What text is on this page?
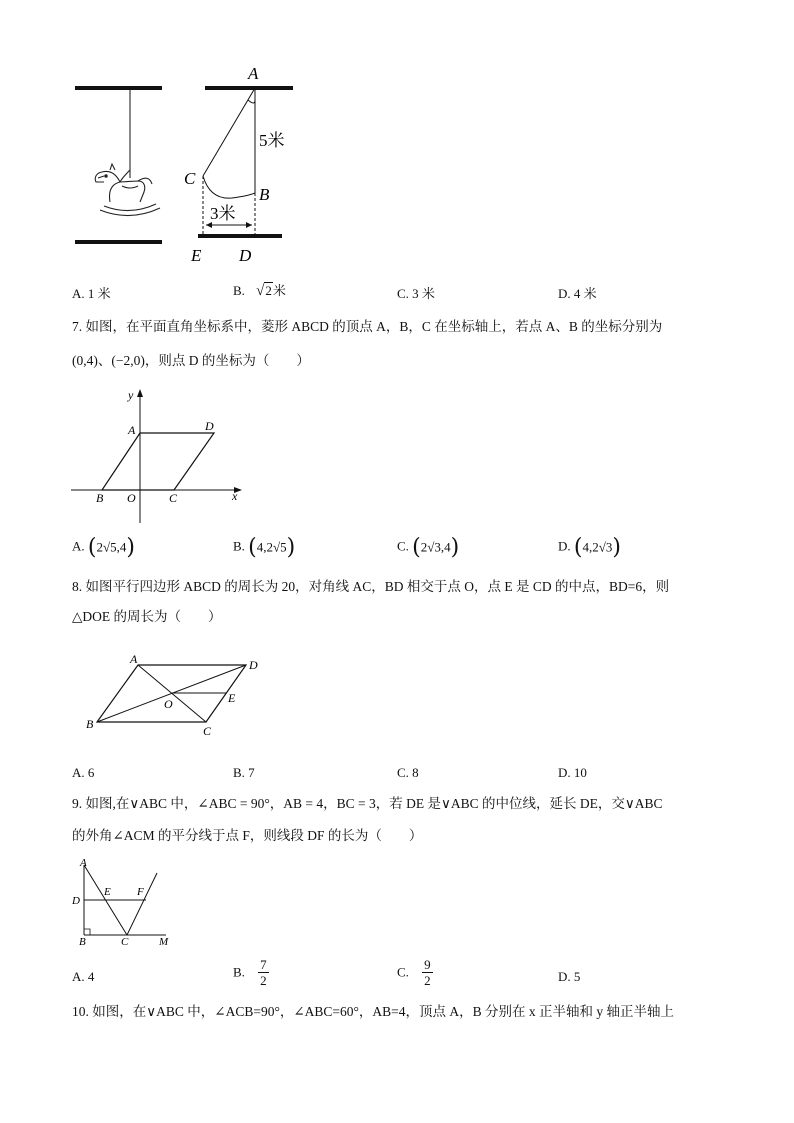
A
5米
C
B
3米
E D
A. 1 米	B. √2米	C. 3 米	D. 4 米
7. 如图，在平面直角坐标系中，菱形 ABCD 的顶点 A，B，C 在坐标轴上，若点 A、B 的坐标分别为
(0,4)、(−2,0)，则点 D 的坐标为（　　）
y
x
A	D
B O	C
A. (2√5,4)	B. (4,2√5)	C. (2√3,4)	D. (4,2√3)
8. 如图平行四边形 ABCD 的周长为 20，对角线 AC，BD 相交于点 O，点 E 是 CD 的中点，BD=6，则
△DOE 的周长为（　　）
A	D
E
O
B	C
A. 6	B. 7	C. 8	D. 10
9. 如图,在∨ABC 中，∠ABC = 90°，AB = 4，BC = 3，若 DE 是∨ABC 的中位线，延长 DE，交∨ABC
的外角∠ACM 的平分线于点 F，则线段 DF 的长为（　　）
A
E F
D
B	C	M
A. 4	B. $\frac{7}{2}$	C. $\frac{9}{2}$	D. 5
10. 如图，在∨ABC 中，∠ACB=90°，∠ABC=60°，AB=4，顶点 A，B 分别在 x 正半轴和 y 轴正半轴上
